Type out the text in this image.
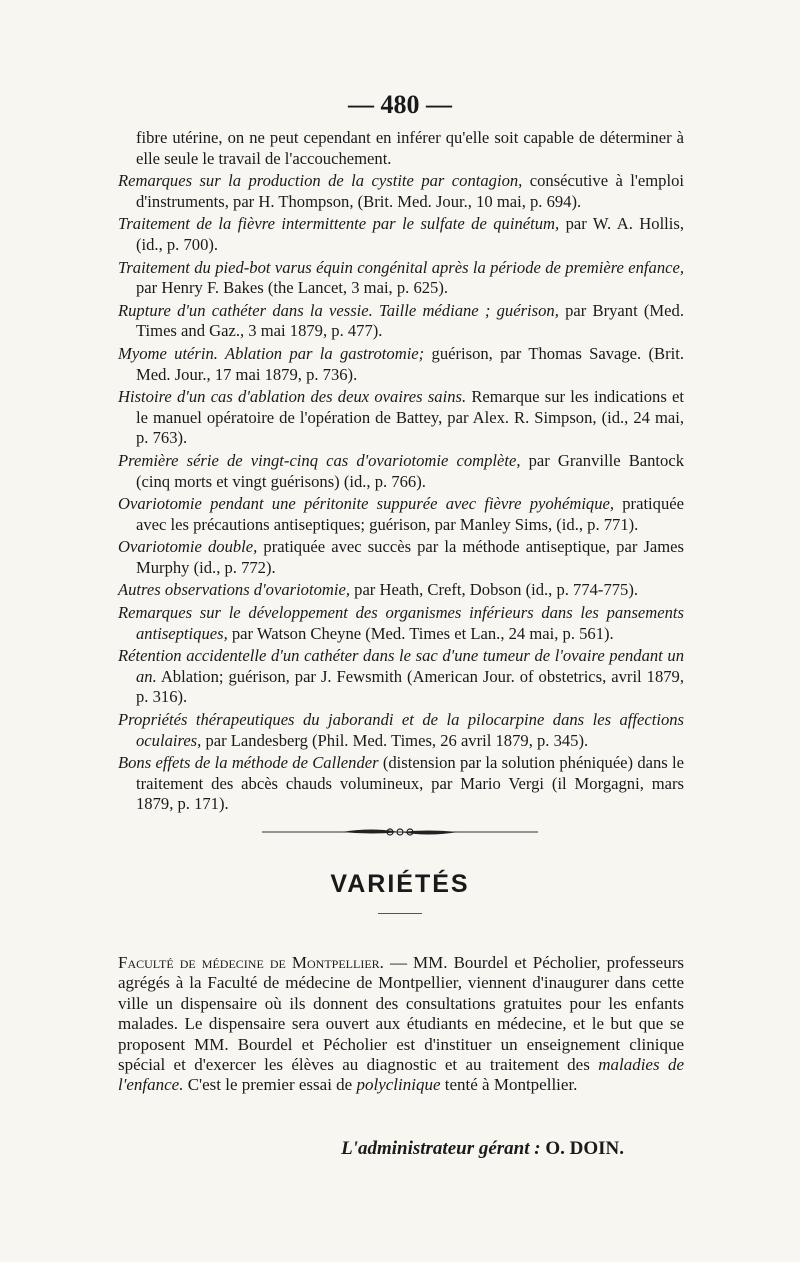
— 480 —

fibre utérine, on ne peut cependant en inférer qu'elle soit capable de déterminer à elle seule le travail de l'accouchement.

Remarques sur la production de la cystite par contagion, consécutive à l'emploi d'instruments, par H. Thompson, (Brit. Med. Jour., 10 mai, p. 694).

Traitement de la fièvre intermittente par le sulfate de quinétum, par W. A. Hollis, (id., p. 700).

Traitement du pied-bot varus équin congénital après la période de première enfance, par Henry F. Bakes (the Lancet, 3 mai, p. 625).

Rupture d'un cathéter dans la vessie. Taille médiane ; guérison, par Bryant (Med. Times and Gaz., 3 mai 1879, p. 477).

Myome utérin. Ablation par la gastrotomie; guérison, par Thomas Savage. (Brit. Med. Jour., 17 mai 1879, p. 736).

Histoire d'un cas d'ablation des deux ovaires sains. Remarque sur les indications et le manuel opératoire de l'opération de Battey, par Alex. R. Simpson, (id., 24 mai, p. 763).

Première série de vingt-cinq cas d'ovariotomie complète, par Granville Bantock (cinq morts et vingt guérisons) (id., p. 766).

Ovariotomie pendant une péritonite suppurée avec fièvre pyohémique, pratiquée avec les précautions antiseptiques; guérison, par Manley Sims, (id., p. 771).

Ovariotomie double, pratiquée avec succès par la méthode antiseptique, par James Murphy (id., p. 772).

Autres observations d'ovariotomie, par Heath, Creft, Dobson (id., p. 774-775).

Remarques sur le développement des organismes inférieurs dans les pansements antiseptiques, par Watson Cheyne (Med. Times et Lan., 24 mai, p. 561).

Rétention accidentelle d'un cathéter dans le sac d'une tumeur de l'ovaire pendant un an. Ablation; guérison, par J. Fewsmith (American Jour. of obstetrics, avril 1879, p. 316).

Propriétés thérapeutiques du jaborandi et de la pilocarpine dans les affections oculaires, par Landesberg (Phil. Med. Times, 26 avril 1879, p. 345).

Bons effets de la méthode de Callender (distension par la solution phéniquée) dans le traitement des abcès chauds volumineux, par Mario Vergi (il Morgagni, mars 1879, p. 171).

VARIÉTÉS

Faculté de médecine de Montpellier. — MM. Bourdel et Pécholier, professeurs agrégés à la Faculté de médecine de Montpellier, viennent d'inaugurer dans cette ville un dispensaire où ils donnent des consultations gratuites pour les enfants malades. Le dispensaire sera ouvert aux étudiants en médecine, et le but que se proposent MM. Bourdel et Pécholier est d'instituer un enseignement clinique spécial et d'exercer les élèves au diagnostic et au traitement des maladies de l'enfance. C'est le premier essai de polyclinique tenté à Montpellier.

L'administrateur gérant : O. DOIN.
